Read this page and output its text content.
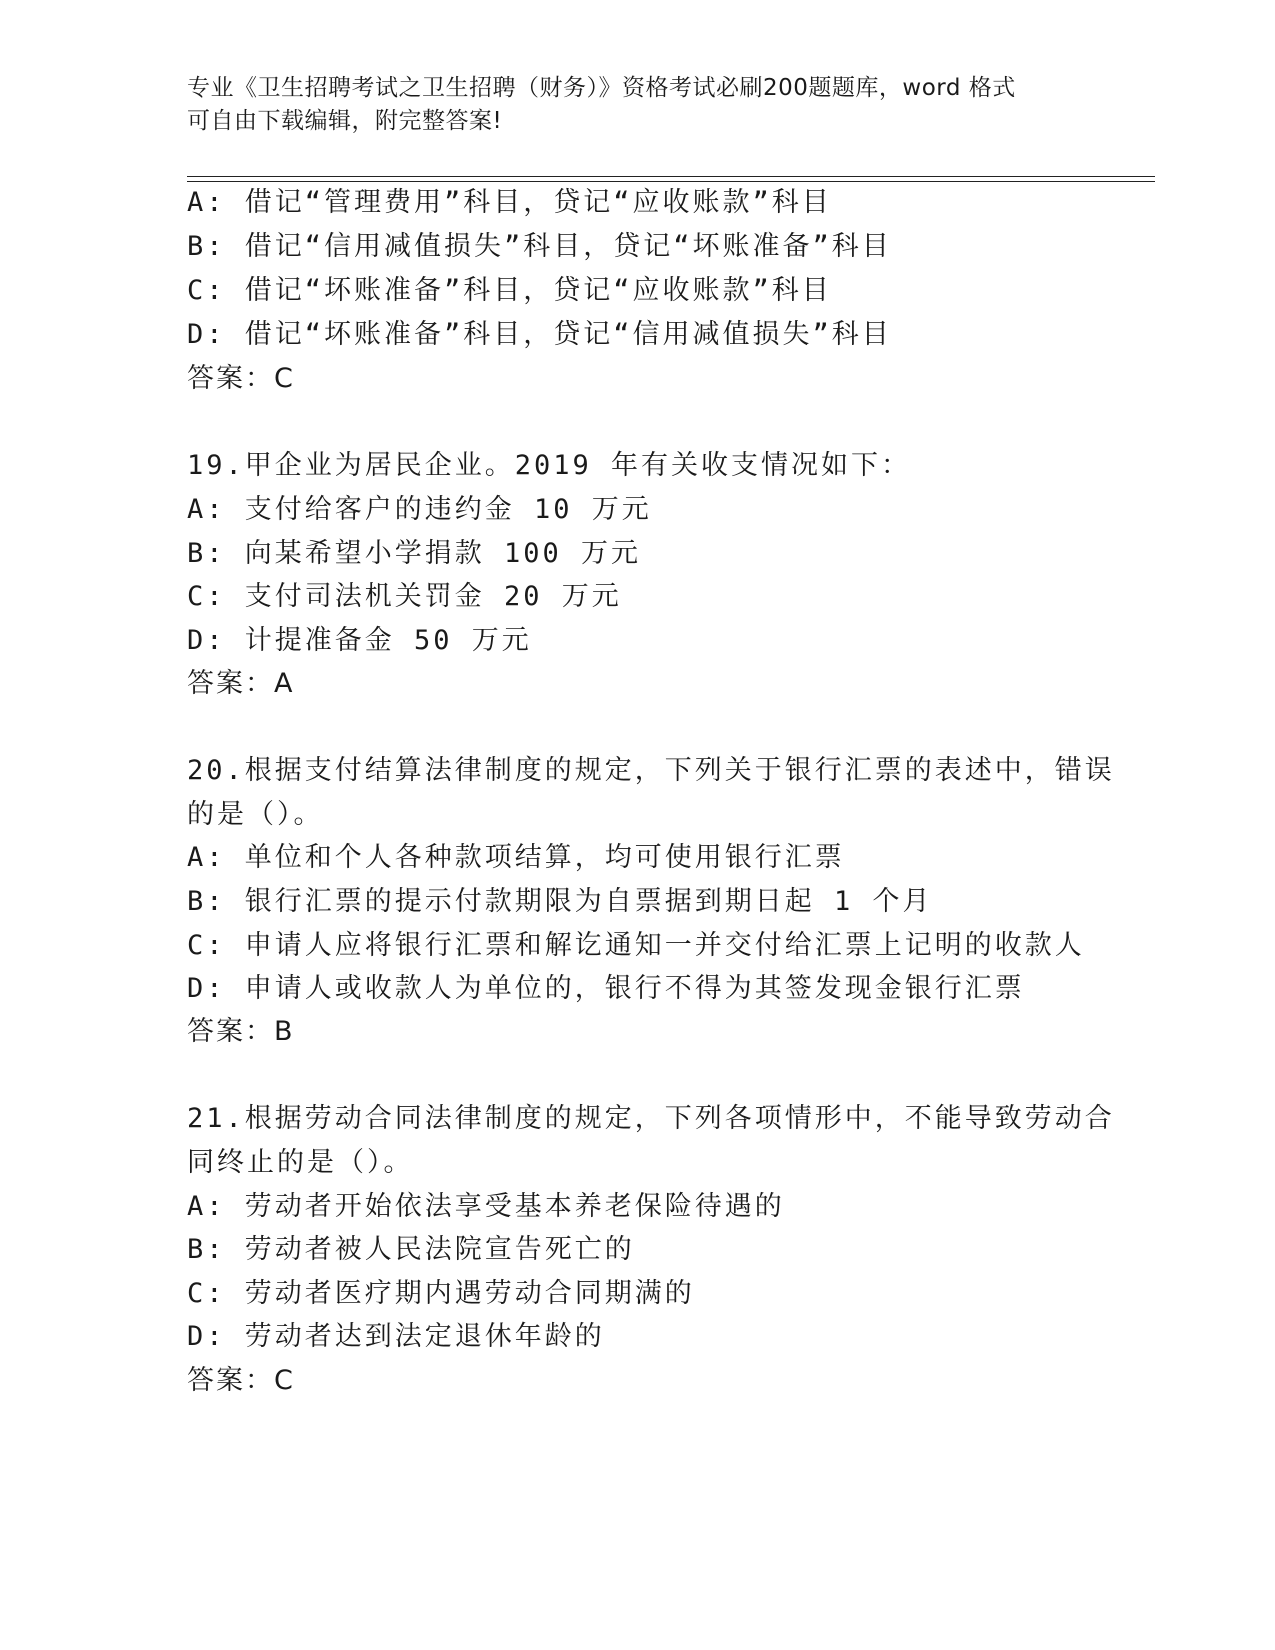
专业《卫生招聘考试之卫生招聘（财务）》资格考试必刷200题题库，word 格式
可自由下载编辑，附完整答案!
A: 借记“管理费用”科目，贷记“应收账款”科目
B: 借记“信用减值损失”科目，贷记“坏账准备”科目
C: 借记“坏账准备”科目，贷记“应收账款”科目
D: 借记“坏账准备”科目，贷记“信用减值损失”科目
答案：C
19.甲企业为居民企业。2019 年有关收支情况如下：
A: 支付给客户的违约金 10 万元
B: 向某希望小学捐款 100 万元
C: 支付司法机关罚金 20 万元
D: 计提准备金 50 万元
答案：A
20.根据支付结算法律制度的规定，下列关于银行汇票的表述中，错误
的是（）。
A: 单位和个人各种款项结算，均可使用银行汇票
B: 银行汇票的提示付款期限为自票据到期日起 1 个月
C: 申请人应将银行汇票和解讫通知一并交付给汇票上记明的收款人
D: 申请人或收款人为单位的，银行不得为其签发现金银行汇票
答案：B
21.根据劳动合同法律制度的规定，下列各项情形中，不能导致劳动合
同终止的是（）。
A: 劳动者开始依法享受基本养老保险待遇的
B: 劳动者被人民法院宣告死亡的
C: 劳动者医疗期内遇劳动合同期满的
D: 劳动者达到法定退休年龄的
答案：C
